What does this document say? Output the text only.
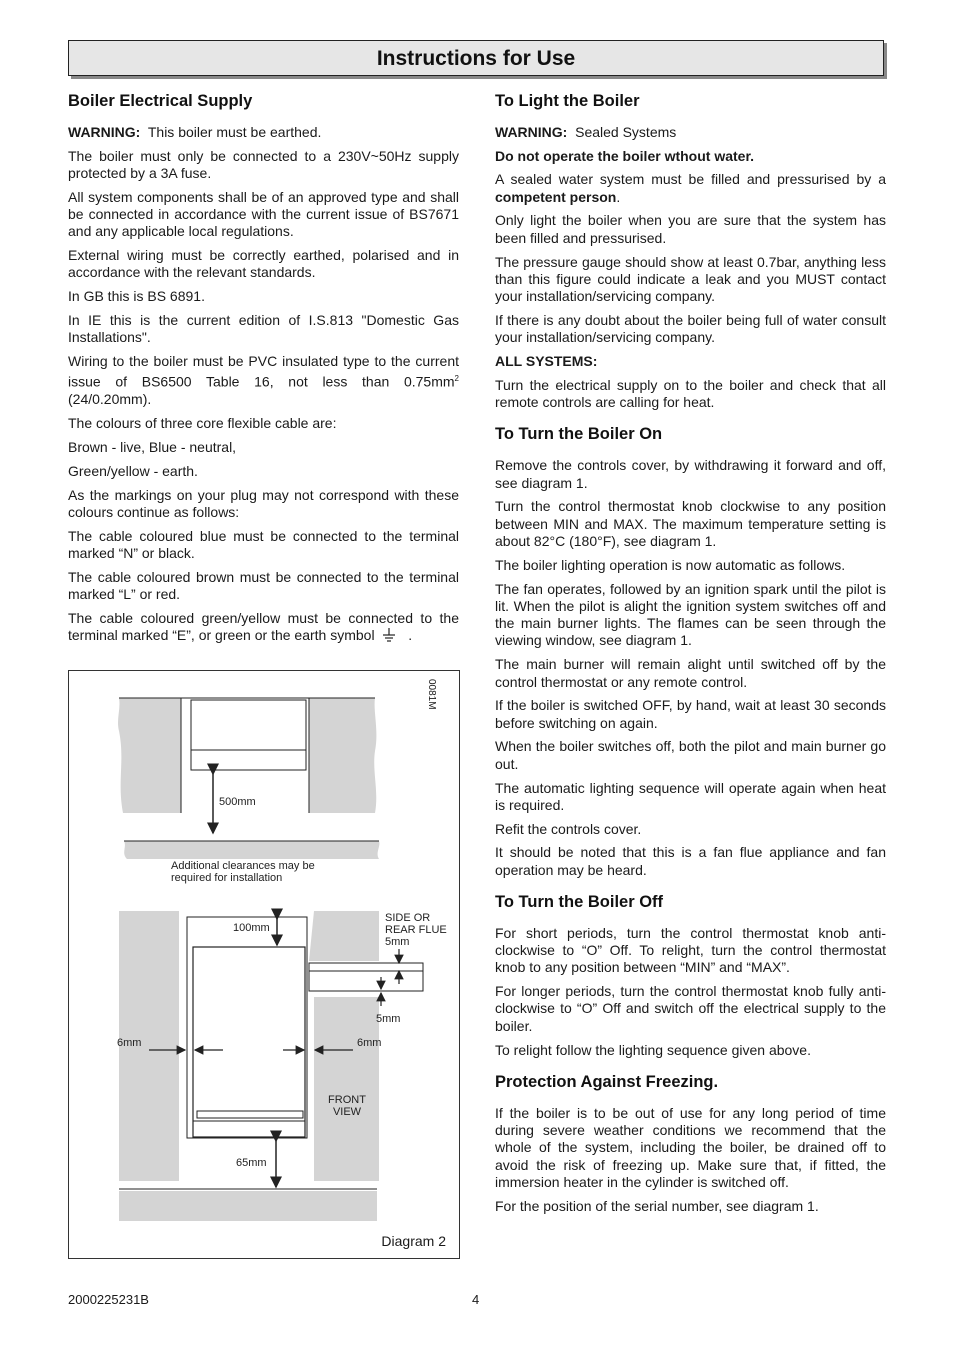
Instructions for Use
Boiler Electrical Supply

WARNING: This boiler must be earthed.

The boiler must only be connected to a 230V~50Hz supply protected by a 3A fuse.

All system components shall be of an approved type and shall be connected in accordance with the current issue of BS7671 and any applicable local regulations.

External wiring must be correctly earthed, polarised and in accordance with the relevant standards.

In GB this is BS 6891.

In IE this is the current edition of I.S.813 "Domestic Gas Installations".

Wiring to the boiler must be PVC insulated type to the current issue of BS6500 Table 16, not less than $0.75mm^2$ (24/0.20mm).

The colours of three core flexible cable are:

Brown - live, Blue - neutral,

Green/yellow - earth.

As the markings on your plug may not correspond with these colours continue as follows:

The cable coloured blue must be connected to the terminal marked “N” or black.

The cable coloured brown must be connected to the terminal marked “L” or red.

The cable coloured green/yellow must be connected to the terminal marked “E”, or green or the earth symbol .

0081M
500mm
Additional clearances may be required for installation
100mm
SIDE OR REAR FLUE 5mm
5mm
6mm	6mm
FRONT VIEW
65mm
Diagram 2
To Light the Boiler

WARNING: Sealed Systems

Do not operate the boiler wthout water.

A sealed water system must be filled and pressurised by a competent person.

Only light the boiler when you are sure that the system has been filled and pressurised.

The pressure gauge should show at least 0.7bar, anything less than this figure could indicate a leak and you MUST contact your installation/servicing company.

If there is any doubt about the boiler being full of water consult your installation/servicing company.

ALL SYSTEMS:

Turn the electrical supply on to the boiler and check that all remote controls are calling for heat.

To Turn the Boiler On

Remove the controls cover, by withdrawing it forward and off, see diagram 1.

Turn the control thermostat knob clockwise to any position between MIN and MAX. The maximum temperature setting is about 82°C (180°F), see diagram 1.

The boiler lighting operation is now automatic as follows.

The fan operates, followed by an ignition spark until the pilot is lit. When the pilot is alight the ignition system switches off and the main burner lights. The flames can be seen through the viewing window, see diagram 1.

The main burner will remain alight until switched off by the control thermostat or any remote control.

If the boiler is switched OFF, by hand, wait at least 30 seconds before switching on again.

When the boiler switches off, both the pilot and main burner go out.

The automatic lighting sequence will operate again when heat is required.

Refit the controls cover.

It should be noted that this is a fan flue appliance and fan operation may be heard.

To Turn the Boiler Off

For short periods, turn the control thermostat knob anti-clockwise to “O” Off. To relight, turn the control thermostat knob to any position between “MIN” and “MAX”.

For longer periods, turn the control thermostat knob fully anti-clockwise to “O” Off and switch off the electrical supply to the boiler.

To relight follow the lighting sequence given above.

Protection Against Freezing.

If the boiler is to be out of use for any long period of time during severe weather conditions we recommend that the whole of the system, including the boiler, be drained off to avoid the risk of freezing up. Make sure that, if fitted, the immersion heater in the cylinder is switched off.

For the position of the serial number, see diagram 1.

2000225231B	4
